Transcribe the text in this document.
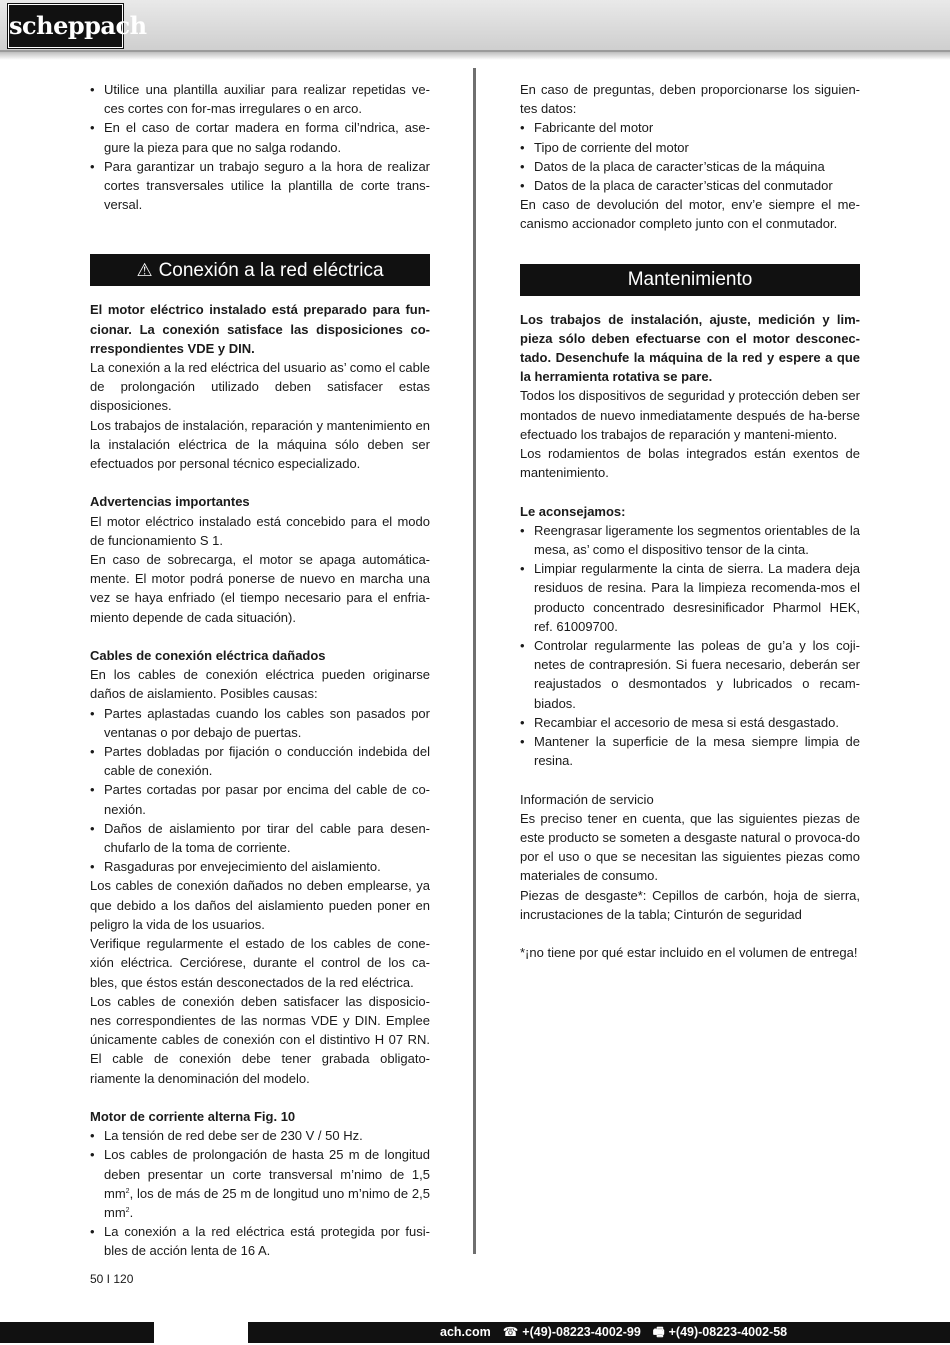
scheppach
• Utilice una plantilla auxiliar para realizar repetidas ve-ces cortes con for-mas irregulares o en arco.
• En el caso de cortar madera en forma cil’ndrica, ase-gure la pieza para que no salga rodando.
• Para garantizar un trabajo seguro a la hora de realizar cortes transversales utilice la plantilla de corte trans-versal.
⚠ Conexión a la red eléctrica

El motor eléctrico instalado está preparado para fun-cionar. La conexión satisface las disposiciones co-rrespondientes VDE y DIN.

La conexión a la red eléctrica del usuario as’ como el cable de prolongación utilizado deben satisfacer estas disposiciones.

Los trabajos de instalación, reparación y mantenimiento en la instalación eléctrica de la máquina sólo deben ser efectuados por personal técnico especializado.

Advertencias importantes

El motor eléctrico instalado está concebido para el modo de funcionamiento S 1.

En caso de sobrecarga, el motor se apaga automática-mente. El motor podrá ponerse de nuevo en marcha una vez se haya enfriado (el tiempo necesario para el enfria-miento depende de cada situación).

Cables de conexión eléctrica dañados

En los cables de conexión eléctrica pueden originarse daños de aislamiento. Posibles causas:

• Partes aplastadas cuando los cables son pasados por ventanas o por debajo de puertas.
• Partes dobladas por fijación o conducción indebida del cable de conexión.
• Partes cortadas por pasar por encima del cable de co-nexión.
• Daños de aislamiento por tirar del cable para desen-chufarlo de la toma de corriente.
• Rasgaduras por envejecimiento del aislamiento.

Los cables de conexión dañados no deben emplearse, ya que debido a los daños del aislamiento pueden poner en peligro la vida de los usuarios.

Verifique regularmente el estado de los cables de cone-xión eléctrica. Cerciórese, durante el control de los ca-bles, que éstos están desconectados de la red eléctrica.

Los cables de conexión deben satisfacer las disposicio-nes correspondientes de las normas VDE y DIN. Emplee únicamente cables de conexión con el distintivo H 07 RN. El cable de conexión debe tener grabada obligato-riamente la denominación del modelo.

Motor de corriente alterna Fig. 10

• La tensión de red debe ser de 230 V / 50 Hz.
• Los cables de prolongación de hasta 25 m de longitud deben presentar un corte transversal m’nimo de 1,5 $mm^2$, los de más de 25 m de longitud uno m’nimo de 2,5 $mm^2$.
• La conexión a la red eléctrica está protegida por fusi-bles de acción lenta de 16 A.

En caso de preguntas, deben proporcionarse los siguien-tes datos:

• Fabricante del motor
• Tipo de corriente del motor
• Datos de la placa de caracter’sticas de la máquina
• Datos de la placa de caracter’sticas del conmutador

En caso de devolución del motor, env’e siempre el me-canismo accionador completo junto con el conmutador.

Mantenimiento

Los trabajos de instalación, ajuste, medición y lim-pieza sólo deben efectuarse con el motor desconec-tado. Desenchufe la máquina de la red y espere a que la herramienta rotativa se pare.

Todos los dispositivos de seguridad y protección deben ser montados de nuevo inmediatamente después de ha-berse efectuado los trabajos de reparación y manteni-miento.

Los rodamientos de bolas integrados están exentos de mantenimiento.

Le aconsejamos:

• Reengrasar ligeramente los segmentos orientables de la mesa, as’ como el dispositivo tensor de la cinta.
• Limpiar regularmente la cinta de sierra. La madera deja residuos de resina. Para la limpieza recomenda-mos el producto concentrado desresinificador Pharmol HEK, ref. 61009700.
• Controlar regularmente las poleas de gu’a y los coji-netes de contrapresión. Si fuera necesario, deberán ser reajustados o desmontados y lubricados o recam-biados.
• Recambiar el accesorio de mesa si está desgastado.
• Mantener la superficie de la mesa siempre limpia de resina.

Información de servicio

Es preciso tener en cuenta, que las siguientes piezas de este producto se someten a desgaste natural o provoca-do por el uso o que se necesitan las siguientes piezas como materiales de consumo.

Piezas de desgaste*: Cepillos de carbón, hoja de sierra, incrustaciones de la tabla; Cinturón de seguridad

*¡no tiene por qué estar incluido en el volumen de entrega!

50 I 120
ach.com ☎ +(49)-08223-4002-99 🖷 +(49)-08223-4002-58
